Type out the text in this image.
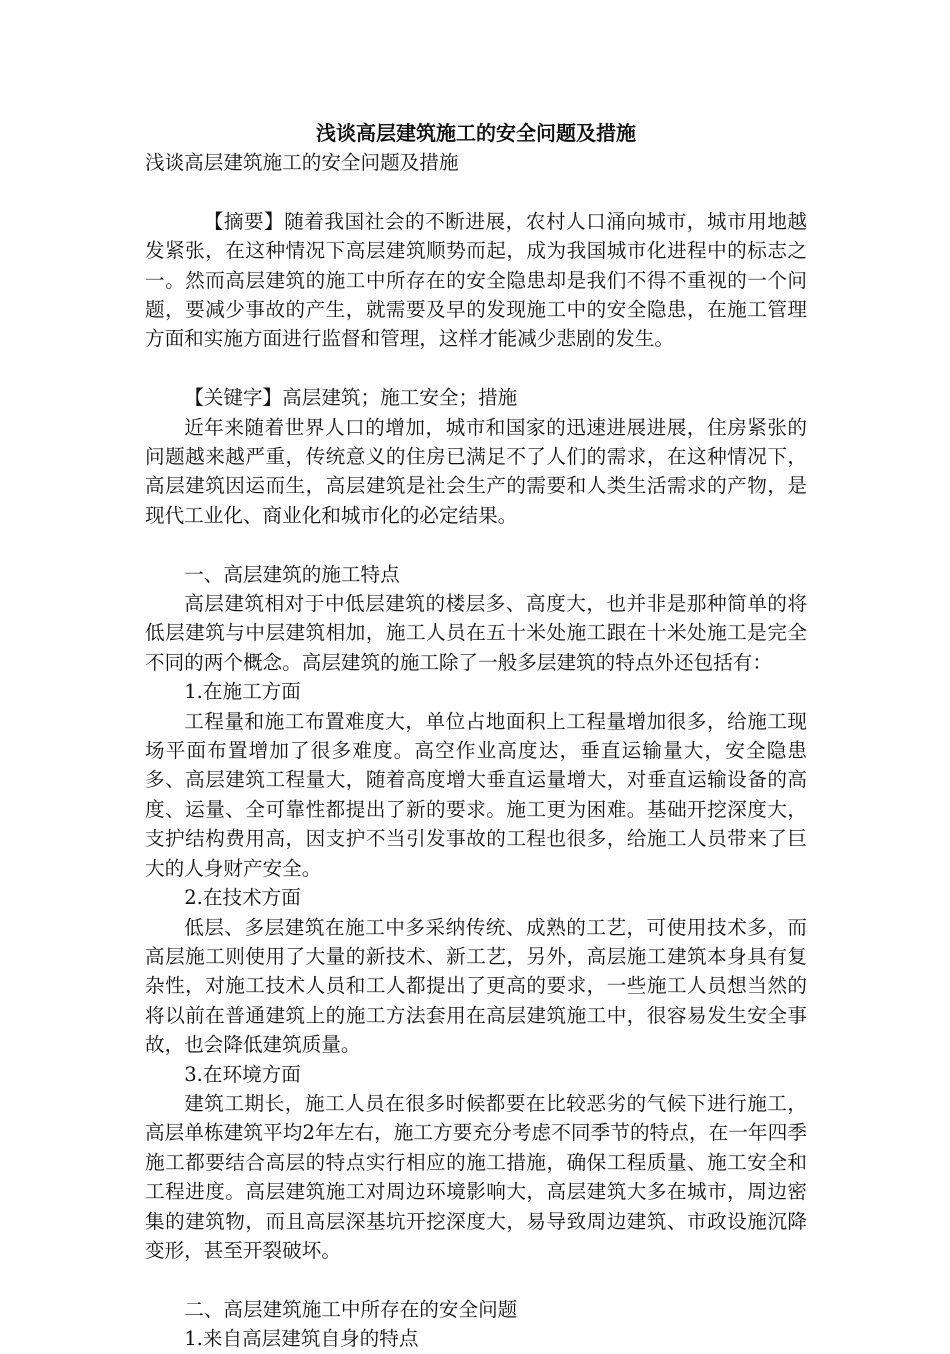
浅谈高层建筑施工的安全问题及措施

浅谈高层建筑施工的安全问题及措施

【摘要】随着我国社会的不断进展，农村人口涌向城市，城市用地越发紧张，在这种情况下高层建筑顺势而起，成为我国城市化进程中的标志之一。然而高层建筑的施工中所存在的安全隐患却是我们不得不重视的一个问题，要减少事故的产生，就需要及早的发现施工中的安全隐患，在施工管理方面和实施方面进行监督和管理，这样才能减少悲剧的发生。

【关键字】高层建筑；施工安全；措施

近年来随着世界人口的增加，城市和国家的迅速进展进展，住房紧张的问题越来越严重，传统意义的住房已满足不了人们的需求，在这种情况下，高层建筑因运而生，高层建筑是社会生产的需要和人类生活需求的产物，是现代工业化、商业化和城市化的必定结果。

一、高层建筑的施工特点

高层建筑相对于中低层建筑的楼层多、高度大，也并非是那种简单的将低层建筑与中层建筑相加，施工人员在五十米处施工跟在十米处施工是完全不同的两个概念。高层建筑的施工除了一般多层建筑的特点外还包括有：

1.在施工方面

工程量和施工布置难度大，单位占地面积上工程量增加很多，给施工现场平面布置增加了很多难度。高空作业高度达，垂直运输量大，安全隐患多、高层建筑工程量大，随着高度增大垂直运量增大，对垂直运输设备的高度、运量、全可靠性都提出了新的要求。施工更为困难。基础开挖深度大，支护结构费用高，因支护不当引发事故的工程也很多，给施工人员带来了巨大的人身财产安全。

2.在技术方面

低层、多层建筑在施工中多采纳传统、成熟的工艺，可使用技术多，而高层施工则使用了大量的新技术、新工艺，另外，高层施工建筑本身具有复杂性，对施工技术人员和工人都提出了更高的要求，一些施工人员想当然的将以前在普通建筑上的施工方法套用在高层建筑施工中，很容易发生安全事故，也会降低建筑质量。

3.在环境方面

建筑工期长，施工人员在很多时候都要在比较恶劣的气候下进行施工，高层单栋建筑平均2年左右，施工方要充分考虑不同季节的特点，在一年四季施工都要结合高层的特点实行相应的施工措施，确保工程质量、施工安全和工程进度。高层建筑施工对周边环境影响大，高层建筑大多在城市，周边密集的建筑物，而且高层深基坑开挖深度大，易导致周边建筑、市政设施沉降变形，甚至开裂破坏。

二、高层建筑施工中所存在的安全问题

1.来自高层建筑自身的特点
